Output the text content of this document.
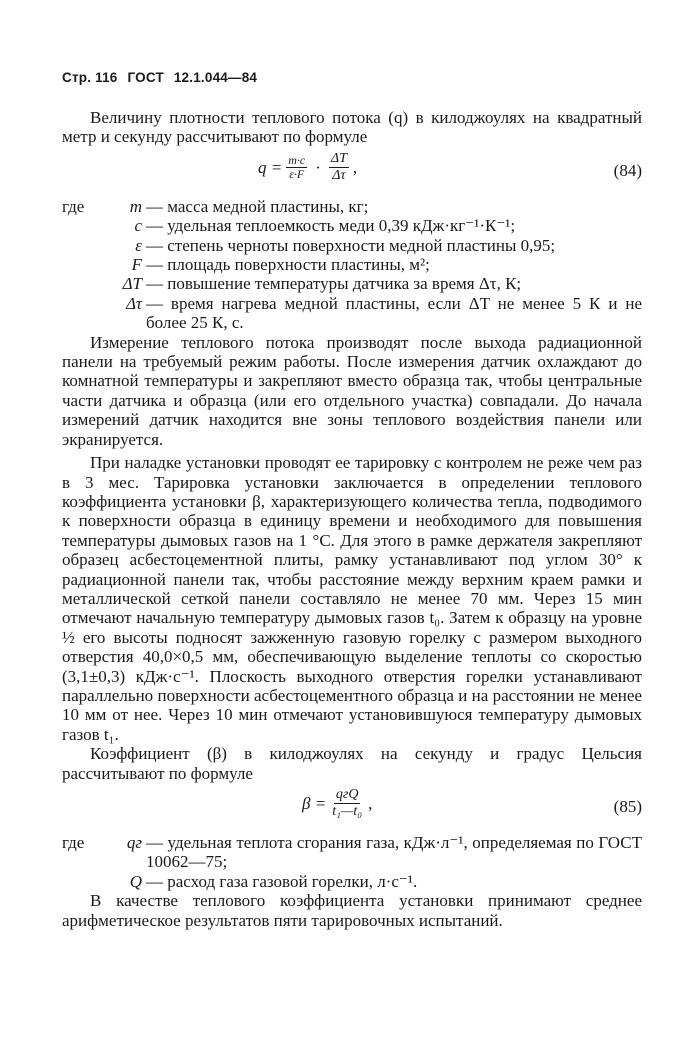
Стр. 116 ГОСТ 12.1.044—84

Величину плотности теплового потока (q) в килоджоулях на квадратный метр и секунду рассчитывают по формуле

$q = \frac{m\cdot c}{\varepsilon\cdot F} \cdot \frac{\Delta T}{\Delta\tau}$ ,	(84)
где	m — масса медной пластины, кг;
c — удельная теплоемкость меди 0,39 кДж·кг⁻¹·К⁻¹;
ε — степень черноты поверхности медной пластины 0,95;
F — площадь поверхности пластины, м²;
ΔT — повышение температуры датчика за время Δτ, К;
Δτ — время нагрева медной пластины, если ΔT не менее 5 К и не более 25 К, с.

Измерение теплового потока производят после выхода радиационной панели на требуемый режим работы. После измерения датчик охлаждают до комнатной температуры и закрепляют вместо образца так, чтобы центральные части датчика и образца (или его отдельного участка) совпадали. До начала измерений датчик находится вне зоны теплового воздействия панели или экранируется.

При наладке установки проводят ее тарировку с контролем не реже чем раз в 3 мес. Тарировка установки заключается в определении теплового коэффициента установки β, характеризующего количества тепла, подводимого к поверхности образца в единицу времени и необходимого для повышения температуры дымовых газов на 1 °С. Для этого в рамке держателя закрепляют образец асбестоцементной плиты, рамку устанавливают под углом 30° к радиационной панели так, чтобы расстояние между верхним краем рамки и металлической сеткой панели составляло не менее 70 мм. Через 15 мин отмечают начальную температуру дымовых газов t₀. Затем к образцу на уровне ½ его высоты подносят зажженную газовую горелку с размером выходного отверстия 40,0×0,5 мм, обеспечивающую выделение теплоты со скоростью (3,1±0,3) кДж·с⁻¹. Плоскость выходного отверстия горелки устанавливают параллельно поверхности асбестоцементного образца и на расстоянии не менее 10 мм от нее. Через 10 мин отмечают установившуюся температуру дымовых газов t₁.

Коэффициент (β) в килоджоулях на секунду и градус Цельсия рассчитывают по формуле

$\beta = \frac{\text{qгQ}}{\text{t₁—t₀}}$ ,	(85)
где	qг — удельная теплота сгорания газа, кДж·л⁻¹, определяемая по ГОСТ 10062—75;
Q — расход газа газовой горелки, л·с⁻¹.

В качестве теплового коэффициента установки принимают среднее арифметическое результатов пяти тарировочных испытаний.
